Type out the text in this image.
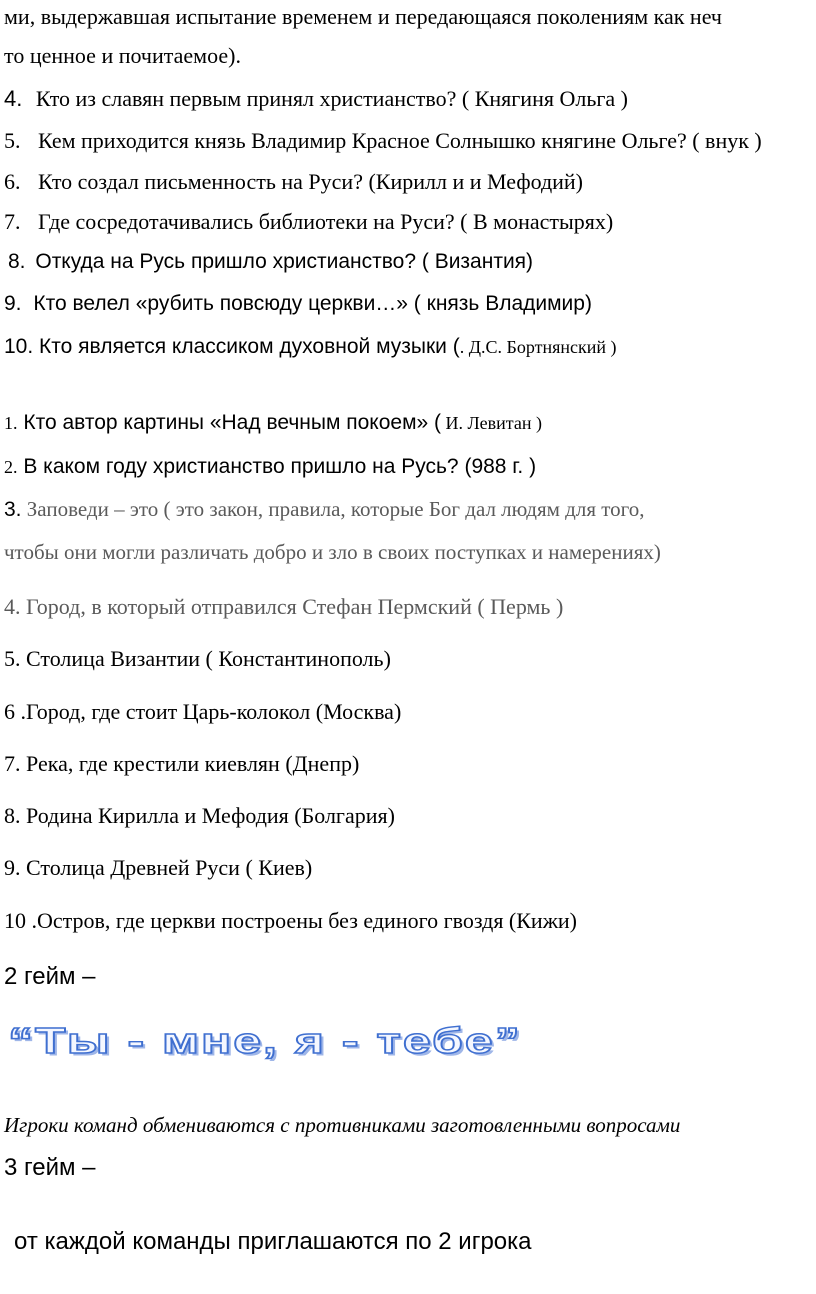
ми, выдержавшая испытание временем и передающаяся поколениям как неч
то ценное и почитаемое).
4. Кто из славян первым принял христианство? ( Княгиня Ольга )
5. Кем приходится князь Владимир Красное Солнышко княгине Ольге? ( внук )
6. Кто создал письменность на Руси? (Кирилл и и Мефодий)
7. Где сосредотачивались библиотеки на Руси? ( В монастырях)
8. Откуда на Русь пришло христианство? ( Византия)
9. Кто велел «рубить повсюду церкви…» ( князь Владимир)
10. Кто является классиком духовной музыки (. Д.С. Бортнянский )
1. Кто автор картины «Над вечным покоем» ( И. Левитан )
2. В каком году христианство пришло на Русь? (988 г. )
3. Заповеди – это ( это закон, правила, которые Бог дал людям для того,
чтобы они могли различать добро и зло в своих поступках и намерениях)
4. Город, в который отправился Стефан Пермский ( Пермь )
5. Столица Византии ( Константинополь)
6 .Город, где стоит Царь-колокол (Москва)
7. Река, где крестили киевлян (Днепр)
8. Родина Кирилла и Мефодия (Болгария)
9. Столица Древней Руси ( Киев)
10 .Остров, где церкви построены без единого гвоздя (Кижи)
2 гейм –
“Ты - мне, я - тебе”
Игроки команд обмениваются с противниками заготовленными вопросами
3 гейм –
от каждой команды приглашаются по 2 игрока
